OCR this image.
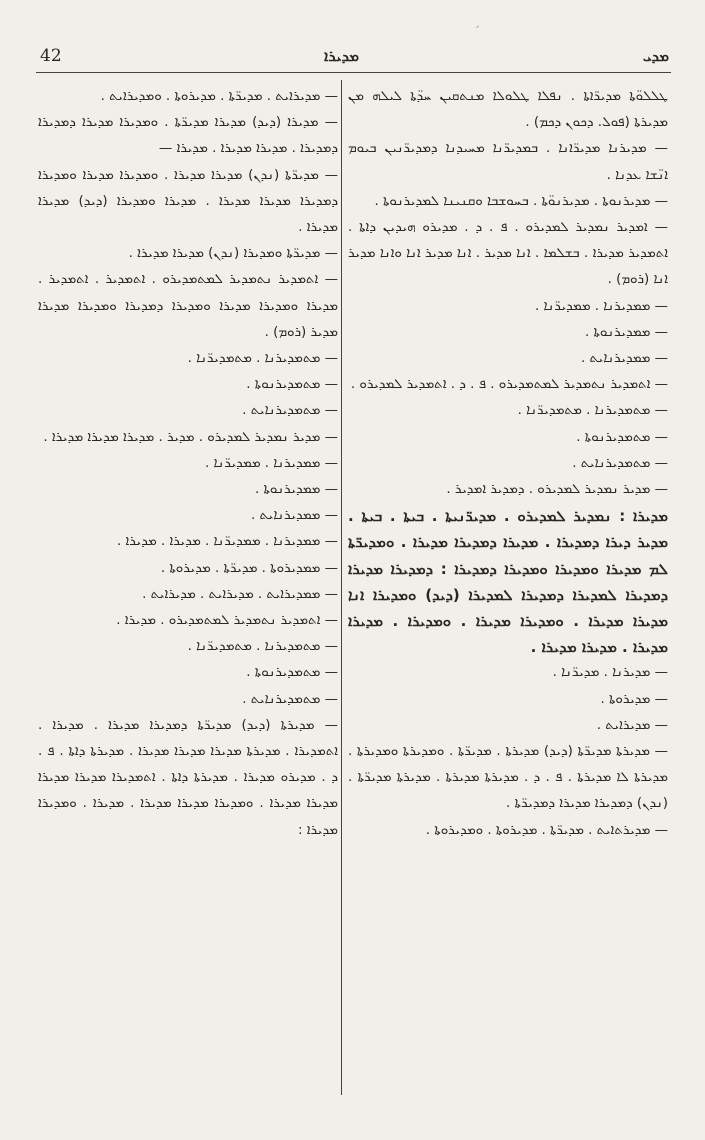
ˏ
42	ܡܕܝܪܐ	ܡܕܝ

ܛܠܠܘ̈ܬܐ ܡܕܝܪ̈ܐܬܐ . ܢܦܠܐ ܛܠܘܠܐ ܡܢܬܩܝܢ ܚܕ̈ܬܐ ܠܝܠܗ ܡܢ ܡܕܝܪܬܐ (ܦܘܠ. ܕܟܘܢ ܕܟܡ) .

— ܡܕܝܪܢܐ ܡܕܝܪ̈ܐܢܐ . ܒܡܕܝܪ̈ܢܐ ܡܚܝܕܢܐ ܕܡܕܝܪ̈ܢܝܢ ܒܝܘܡ ܐܢ̈ܫܐ ܥܕܢܐ .

— ܡܕܝܪܢܘܬܐ . ܡܕܝܪܢܘ̈ܬܐ . ܒܚܘܫܒܐ ܘܩܢܝܢܐ ܠܡܕܝܪܢܘܬܐ .

— ܐܡܕܝܪ ܢܡܕܝܪ ܠܡܕܝܪܘ . ܦ . ܕ . ܡܕܝܪܘ ܗܝܕܝܢ ܕܐܬܐ . ܐܬܡܕܝܪ ܡܕܝܪܐ . ܒܫܠܡܐ . ܐܢܐ ܡܕܝܪ . ܐܢܐ ܡܕܝܪ ܐܢܐ ܘܐܢܐ ܡܕܝܪ ܐܢܐ (ܪܘܡ) .

— ܡܡܕܝܪܢܐ . ܡܡܕܝܪ̈ܢܐ .

— ܡܡܕܝܪܢܘܬܐ .

— ܡܡܕܝܪܢܐܝܬ .

— ܐܬܡܕܝܪ ܢܬܡܕܝܪ ܠܡܬܡܕܝܪܘ . ܦ . ܕ . ܐܬܡܕܝܪ ܠܡܕܝܪܘ .

— ܡܬܡܕܝܪܢܐ . ܡܬܡܕܝܪ̈ܢܐ .

— ܡܬܡܕܝܪܢܘܬܐ .

— ܡܬܡܕܝܪܢܐܝܬ .

— ܡܕܝܪ ܢܡܕܝܪ ܠܡܕܝܪܘ . ܕܡܕܝܪ ܐܡܕܝܪ .

ܡܕܝܪܐ : ܢܡܕܝܪ ܠܡܕܝܪܘ . ܡܕܝܪ̈ܢܝܬܐ . ܒܝܬܐ . ܒܝܬܐ . ܡܕܝܪ ܕܝܪܐ ܕܡܕܝܪܐ . ܡܕܝܪܐ ܕܡܕܝܪܐ ܡܕܝܪܐ . ܘܡܕܝܪ̈ܬܐ ܠܡ ܡܕܝܪܐ ܘܡܕܝܪܐ ܘܡܕܝܪܐ ܕܡܕܝܪܐ : ܕܡܕܝܪܐ ܡܕܝܪܐ ܕܡܕܝܪܐ ܠܡܕܝܪܐ ܕܡܕܝܪܐ ܠܡܕܝܪܐ (ܕܝܕ) ܘܡܕܝܪܐ ܐܢܐ ܡܕܝܪܐ ܡܕܝܪܐ . ܘܡܕܝܪܐ ܡܕܝܪܐ . ܘܡܕܝܪܐ . ܡܕܝܪܐ ܡܕܝܪܐ . ܡܕܝܪܐ ܡܕܝܪܐ .

— ܡܕܝܪܢܐ . ܡܕܝܪ̈ܢܐ .

— ܡܕܝܪܘܬܐ .

— ܡܕܝܪܐܝܬ .

— ܡܕܝܪܬܐ ܡܕܝܪ̈ܬܐ (ܕܝܕ) ܡܕܝܪܬܐ . ܡܕܝܪ̈ܬܐ . ܘܡܕܝܪܬܐ ܘܡܕܝܪܬܐ . ܡܕܝܪܬܐ ܠܐ ܡܕܝܪܬܐ . ܦ . ܕ . ܡܕܝܪܬܐ ܡܕܝܪܬܐ . ܡܕܝܪܬܐ ܡܕܝܪ̈ܬܐ . (ܢܕܢ) ܕܡܕܝܪܐ ܡܕܝܪܐ ܕܡܕܝܪ̈ܬܐ .

— ܡܕܝܪܬܐܝܬ . ܡܕܝܪ̈ܬܐ . ܡܕܝܪܘܬܐ . ܘܡܕܝܪܘܬܐ .

— ܡܕܝܪܐܝܬ . ܡܕܝܪ̈ܬܐ . ܡܕܝܪܘܬܐ . ܘܡܕܝܪܐܝܬ .

— ܡܕܝܪܐ (ܕܝܕ) ܡܕܝܪܐ ܡܕܝܪ̈ܬܐ . ܘܡܕܝܪܐ ܡܕܝܪܐ ܕܡܕܝܪܐ ܕܡܕܝܪܐ . ܡܕܝܪܐ ܡܕܝܪܐ . ܡܕܝܪܐ —

— ܡܕܝܪ̈ܬܐ (ܢܕܢ) ܡܕܝܪܐ ܡܕܝܪܐ . ܘܡܕܝܪܐ ܡܕܝܪܐ ܘܡܕܝܪܐ ܕܡܕܝܪܐ ܡܕܝܪܐ ܡܕܝܪܐ . ܡܕܝܪܐ ܘܡܕܝܪܐ (ܕܝܕ) ܡܕܝܪܐ ܡܕܝܪܐ .

— ܡܕܝܪ̈ܬܐ ܘܡܕܝܪܐ (ܢܕܢ) ܡܕܝܪܐ ܡܕܝܪܐ .

— ܐܬܡܕܝܪ ܢܬܡܕܝܪ ܠܡܬܡܕܝܪܘ . ܐܬܡܕܝܪ . ܐܬܡܕܝܪ . ܡܕܝܪܐ ܘܡܕܝܪܐ ܡܕܝܪܐ ܘܡܕܝܪܐ ܕܡܕܝܪܐ ܘܡܕܝܪܐ ܡܕܝܪܐ ܡܕܝܪ (ܪܘܡ) .

— ܡܬܡܕܝܪܢܐ . ܡܬܡܕܝܪ̈ܢܐ .

— ܡܬܡܕܝܪܢܘܬܐ .

— ܡܬܡܕܝܪܢܐܝܬ .

— ܡܕܝܪ ܢܡܕܝܪ ܠܡܕܝܪܘ . ܡܕܝܪ . ܡܕܝܪܐ ܡܕܝܪܐ ܡܕܝܪܐ .

— ܡܡܕܝܪܢܐ . ܡܡܕܝܪ̈ܢܐ .

— ܡܡܕܝܪܢܘܬܐ .

— ܡܡܕܝܪܢܐܝܬ .

— ܡܡܕܝܪܢܐ . ܡܡܕܝܪ̈ܢܐ . ܡܕܝܪܐ . ܡܕܝܪܐ .

— ܡܡܕܝܪܘܬܐ . ܡܕܝܪ̈ܬܐ . ܡܕܝܪܘܬܐ .

— ܡܡܕܝܪܐܝܬ . ܡܕܝܪܐܝܬ . ܡܕܝܪܐܝܬ .

— ܐܬܡܕܝܪ ܢܬܡܕܝܪ ܠܡܬܡܕܝܪܘ . ܡܕܝܪܐ .

— ܡܬܡܕܝܪܢܐ . ܡܬܡܕܝܪ̈ܢܐ .

— ܡܬܡܕܝܪܢܘܬܐ .

— ܡܬܡܕܝܪܢܐܝܬ .

— ܡܕܝܪܬܐ (ܕܝܕ) ܡܕܝܪ̈ܬܐ ܕܡܕܝܪܐ ܡܕܝܪܐ . ܡܕܝܪܐ . ܐܬܡܕܝܪܐ . ܡܕܝܪܬܐ ܡܕܝܪܐ ܡܕܝܪܐ ܡܕܝܪܐ . ܡܕܝܪܬܐ ܕܐܬܐ . ܦ . ܕ . ܡܕܝܪܘ ܡܕܝܪܐ . ܡܕܝܪܬܐ ܕܐܬܐ . ܐܬܡܕܝܪܐ ܡܕܝܪܐ ܡܕܝܪܐ ܡܕܝܪܐ ܡܕܝܪܐ . ܘܡܕܝܪܐ ܡܕܝܪܐ ܡܕܝܪܐ . ܡܕܝܪܐ . ܘܡܕܝܪܐ ܡܕܝܪܐ :
